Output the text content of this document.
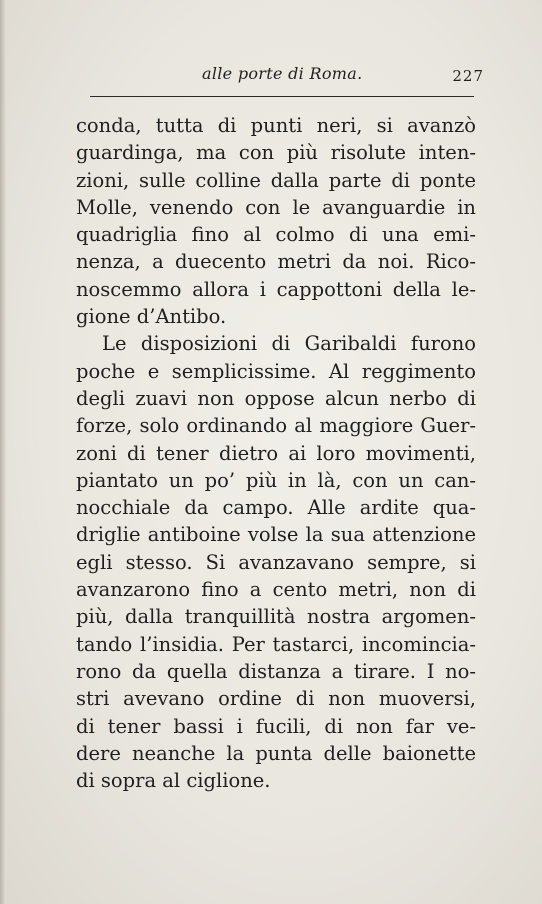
alle porte di Roma.	227
conda, tutta di punti neri, si avanzò
guardinga, ma con più risolute inten-
zioni, sulle colline dalla parte di ponte
Molle, venendo con le avanguardie in
quadriglia fino al colmo di una emi-
nenza, a duecento metri da noi. Rico-
noscemmo allora i cappottoni della le-
gione d’Antibo.
Le disposizioni di Garibaldi furono
poche e semplicissime. Al reggimento
degli zuavi non oppose alcun nerbo di
forze, solo ordinando al maggiore Guer-
zoni di tener dietro ai loro movimenti,
piantato un po’ più in là, con un can-
nocchiale da campo. Alle ardite qua-
driglie antiboine volse la sua attenzione
egli stesso. Si avanzavano sempre, si
avanzarono fino a cento metri, non di
più, dalla tranquillità nostra argomen-
tando l’insidia. Per tastarci, incominciа-
rono da quella distanza a tirare. I no-
stri avevano ordine di non muoversi,
di tener bassi i fucili, di non far ve-
dere neanche la punta delle baionette
di sopra al ciglione.
